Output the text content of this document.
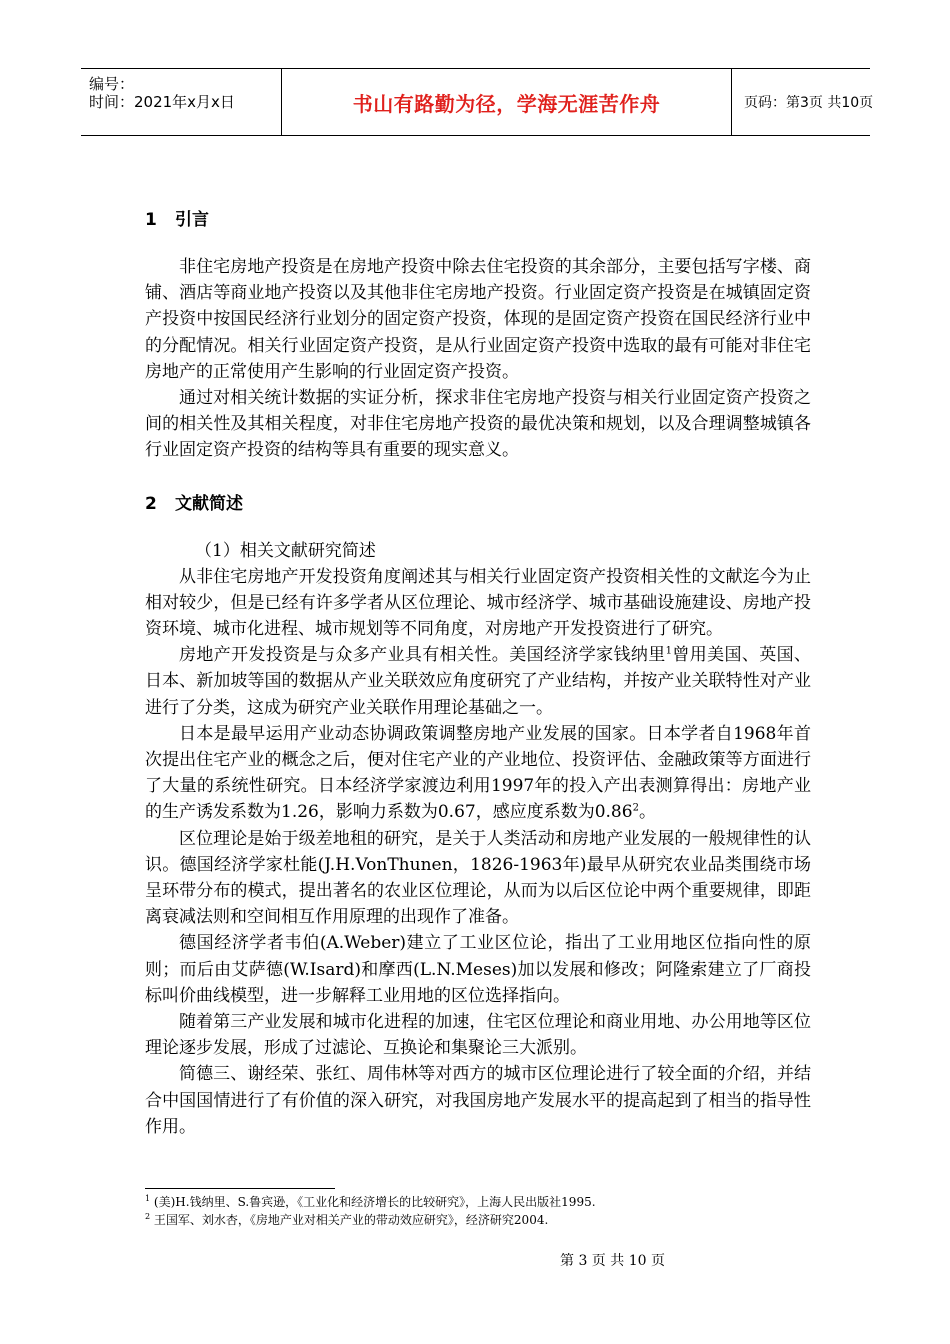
编号：
时间：2021年x月x日	书山有路勤为径，学海无涯苦作舟	页码：第3页 共10页
1 引言

非住宅房地产投资是在房地产投资中除去住宅投资的其余部分，主要包括写字楼、商铺、酒店等商业地产投资以及其他非住宅房地产投资。行业固定资产投资是在城镇固定资产投资中按国民经济行业划分的固定资产投资，体现的是固定资产投资在国民经济行业中的分配情况。相关行业固定资产投资，是从行业固定资产投资中选取的最有可能对非住宅房地产的正常使用产生影响的行业固定资产投资。

通过对相关统计数据的实证分析，探求非住宅房地产投资与相关行业固定资产投资之间的相关性及其相关程度，对非住宅房地产投资的最优决策和规划，以及合理调整城镇各行业固定资产投资的结构等具有重要的现实意义。

2 文献简述
（1）相关文献研究简述

从非住宅房地产开发投资角度阐述其与相关行业固定资产投资相关性的文献迄今为止相对较少，但是已经有许多学者从区位理论、城市经济学、城市基础设施建设、房地产投资环境、城市化进程、城市规划等不同角度，对房地产开发投资进行了研究。

房地产开发投资是与众多产业具有相关性。美国经济学家钱纳里$^1$曾用美国、英国、日本、新加坡等国的数据从产业关联效应角度研究了产业结构，并按产业关联特性对产业进行了分类，这成为研究产业关联作用理论基础之一。

日本是最早运用产业动态协调政策调整房地产业发展的国家。日本学者自1968年首次提出住宅产业的概念之后，便对住宅产业的产业地位、投资评估、金融政策等方面进行了大量的系统性研究。日本经济学家渡边利用1997年的投入产出表测算得出：房地产业的生产诱发系数为1.26，影响力系数为0.67，感应度系数为0.86$^2$。

区位理论是始于级差地租的研究，是关于人类活动和房地产业发展的一般规律性的认识。德国经济学家杜能(J.H.VonThunen，1826-1963年)最早从研究农业品类围绕市场呈环带分布的模式，提出著名的农业区位理论，从而为以后区位论中两个重要规律，即距离衰减法则和空间相互作用原理的出现作了准备。

德国经济学者韦伯(A.Weber)建立了工业区位论，指出了工业用地区位指向性的原则；而后由艾萨德(W.Isard)和摩西(L.N.Meses)加以发展和修改；阿隆索建立了厂商投标叫价曲线模型，进一步解释工业用地的区位选择指向。

随着第三产业发展和城市化进程的加速，住宅区位理论和商业用地、办公用地等区位理论逐步发展，形成了过滤论、互换论和集聚论三大派别。

简德三、谢经荣、张红、周伟林等对西方的城市区位理论进行了较全面的介绍，并结合中国国情进行了有价值的深入研究，对我国房地产发展水平的提高起到了相当的指导性作用。

$^1$ (美)H.钱纳里、S.鲁宾逊，《工业化和经济增长的比较研究》，上海人民出版社1995.
$^2$ 王国军、刘水杏，《房地产业对相关产业的带动效应研究》，经济研究2004.
第 3 页 共 10 页
